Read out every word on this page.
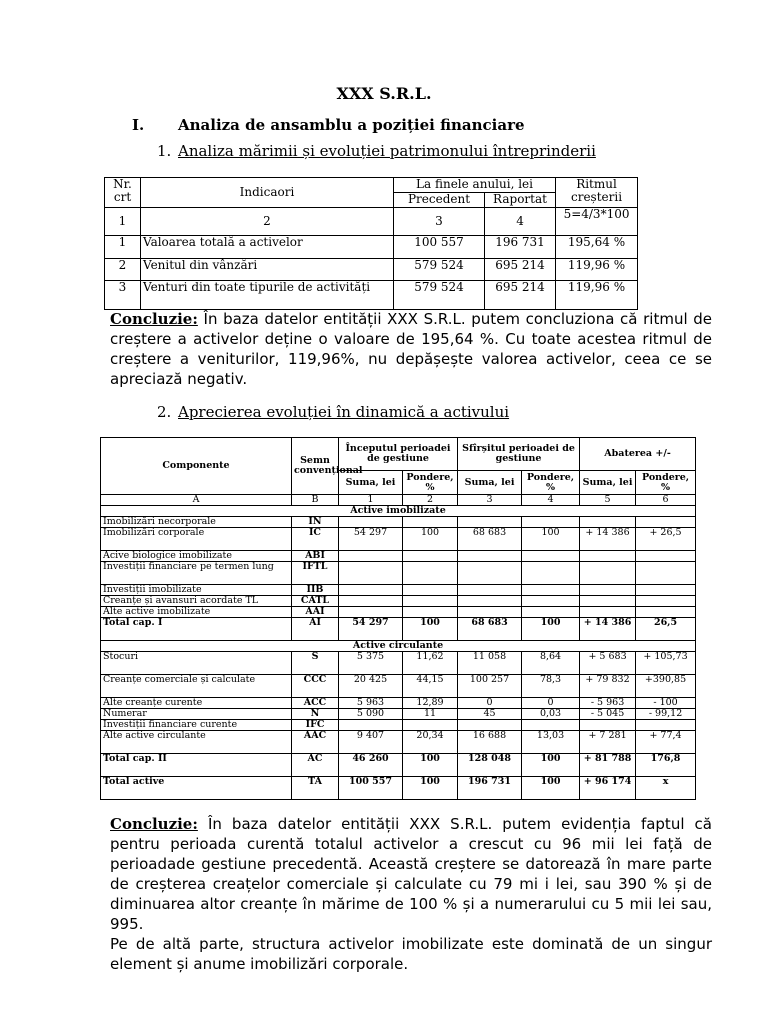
XXX S.R.L.
I. Analiza de ansamblu a poziției financiare
1. Analiza mărimii și evoluției patrimonului întreprinderii
Nr. crt	Indicaori	La finele anului, lei		Ritmul creșterii
		Precedent	Raportat	
1	2	3	4	5=4/3*100
1	Valoarea totală a activelor	100 557	196 731	195,64 %
2	Venitul din vânzări	579 524	695 214	119,96 %
3	Venturi din toate tipurile de activități	579 524	695 214	119,96 %
Concluzie: În baza datelor entității XXX S.R.L. putem concluziona că ritmul de creștere a activelor deține o valoare de 195,64 %. Cu toate acestea ritmul de creștere a veniturilor, 119,96%, nu depășește valorea activelor, ceea ce se apreciază negativ.
2. Aprecierea evoluției în dinamică a activului
Componente	Semn convențional	Începutul perioadei de gestiune		Sfîrșitul perioadei de gestiune		Abaterea +/-	
		Suma, lei	Pondere, %	Suma, lei	Pondere, %	Suma, lei	Pondere, %
A	B	1	2	3	4	5	6
Active imobilizate							
Imobilizări necorporale	IN						
Imobilizări corporale	IC	54 297	100	68 683	100	+ 14 386	+ 26,5
Acive biologice imobilizate	ABI						
Investiții financiare pe termen lung	IFTL						
Investiții imobilizate	IIB						
Creanțe și avansuri acordate TL	CATL						
Alte active imobilizate	AAI						
Total cap. I	AI	54 297	100	68 683	100	+ 14 386	26,5
Active circulante							
Stocuri	S	5 375	11,62	11 058	8,64	+ 5 683	+ 105,73
Creanțe comerciale și calculate	CCC	20 425	44,15	100 257	78,3	+ 79 832	+390,85
Alte creanțe curente	ACC	5 963	12,89	0	0	- 5 963	- 100
Numerar	N	5 090	11	45	0,03	- 5 045	- 99,12
Investiții financiare curente	IFC						
Alte active circulante	AAC	9 407	20,34	16 688	13,03	+ 7 281	+ 77,4
Total cap. II	AC	46 260	100	128 048	100	+ 81 788	176,8
Total active	TA	100 557	100	196 731	100	+ 96 174	x
Concluzie: În baza datelor entității XXX S.R.L. putem evidenția faptul că pentru perioada curentă totalul activelor a crescut cu 96 mii lei față de perioadade gestiune precedentă. Această creștere se datorează în mare parte de creșterea creațelor comerciale și calculate cu 79 mi i lei, sau 390 % și de diminuarea altor creanțe în mărime de 100 % și a numerarului cu 5 mii lei sau, 995.
Pe de altă parte, structura activelor imobilizate este dominată de un singur element și anume imobilizări corporale.
